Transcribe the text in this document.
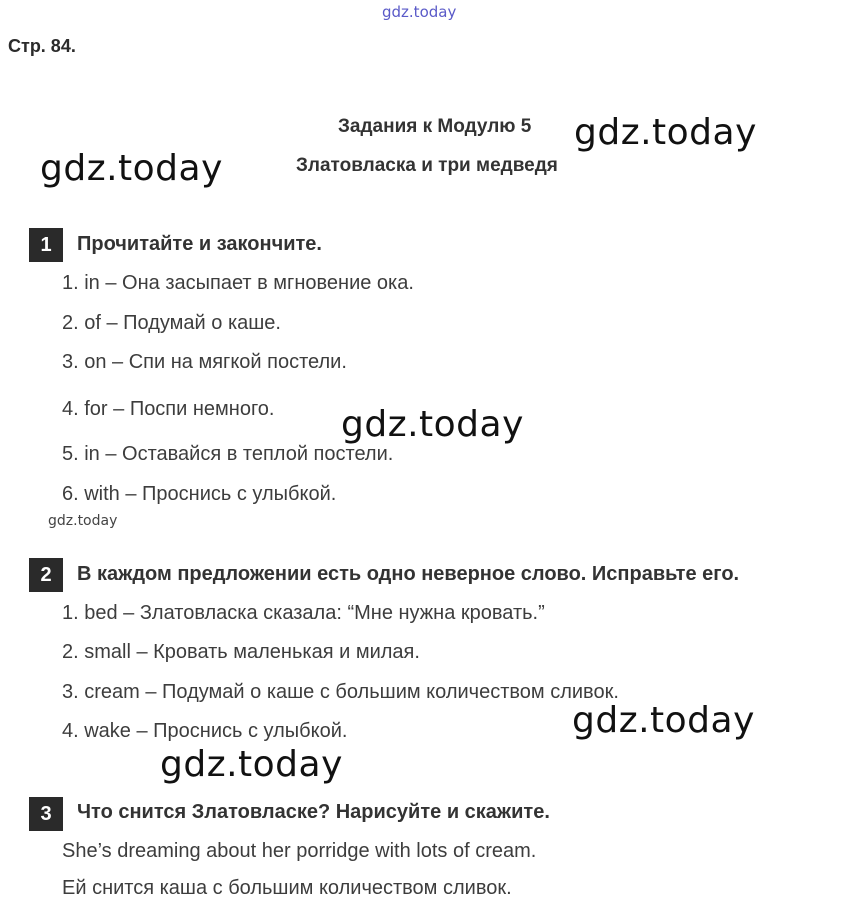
gdz.today
gdz.today
gdz.today
gdz.today
gdz.today
gdz.today
gdz.today
Стр. 84.
Задания к Модулю 5
Златовласка и три медведя
1	Прочитайте и закончите.
1. in – Она засыпает в мгновение ока.
2. of – Подумай о каше.
3. on – Спи на мягкой постели.
4. for – Поспи немного.
5. in – Оставайся в теплой постели.
6. with – Проснись с улыбкой.
2	В каждом предложении есть одно неверное слово. Исправьте его.
1. bed – Златовласка сказала: “Мне нужна кровать.”
2. small – Кровать маленькая и милая.
3. cream – Подумай о каше с большим количеством сливок.
4. wake – Проснись с улыбкой.
3	Что снится Златовласке? Нарисуйте и скажите.
She’s dreaming about her porridge with lots of cream.
Ей снится каша с большим количеством сливок.
